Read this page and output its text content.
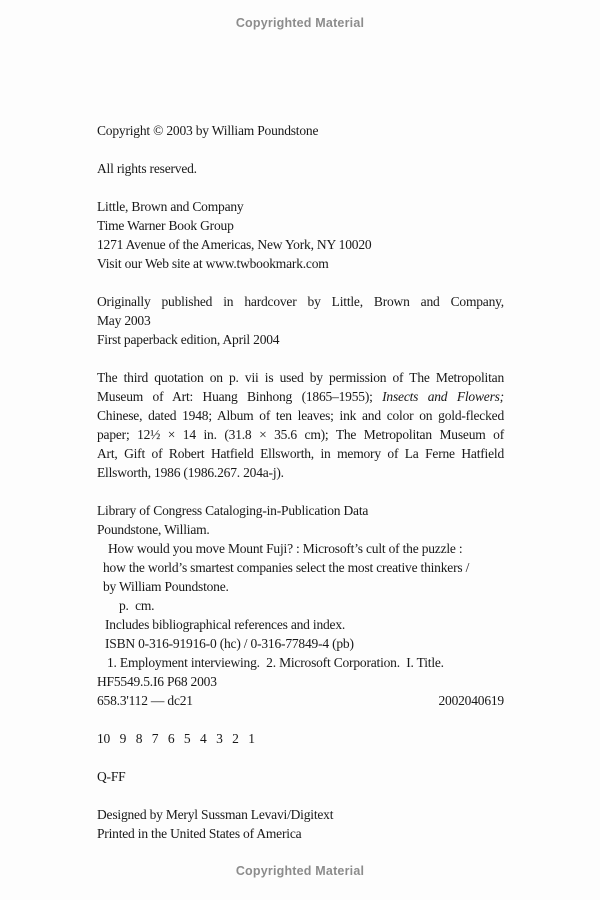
Copyrighted Material
Copyright © 2003 by William Poundstone
All rights reserved.
Little, Brown and Company
Time Warner Book Group
1271 Avenue of the Americas, New York, NY 10020
Visit our Web site at www.twbookmark.com
Originally published in hardcover by Little, Brown and Company,
May 2003
First paperback edition, April 2004
The third quotation on p. vii is used by permission of The Metropolitan
Museum of Art: Huang Binhong (1865–1955); Insects and Flowers;
Chinese, dated 1948; Album of ten leaves; ink and color on gold-flecked
paper; 12½ × 14 in. (31.8 × 35.6 cm); The Metropolitan Museum of
Art, Gift of Robert Hatfield Ellsworth, in memory of La Ferne Hatfield
Ellsworth, 1986 (1986.267. 204a-j).
Library of Congress Cataloging-in-Publication Data
Poundstone, William.
How would you move Mount Fuji? : Microsoft’s cult of the puzzle :
how the world’s smartest companies select the most creative thinkers /
by William Poundstone.
p.  cm.
Includes bibliographical references and index.
ISBN 0-316-91916-0 (hc) / 0-316-77849-4 (pb)
1. Employment interviewing.  2. Microsoft Corporation.  I. Title.
HF5549.5.I6 P68 2003
658.3'112 — dc21	2002040619
10   9   8   7   6   5   4   3   2   1
Q-FF
Designed by Meryl Sussman Levavi/Digitext
Printed in the United States of America
Copyrighted Material
